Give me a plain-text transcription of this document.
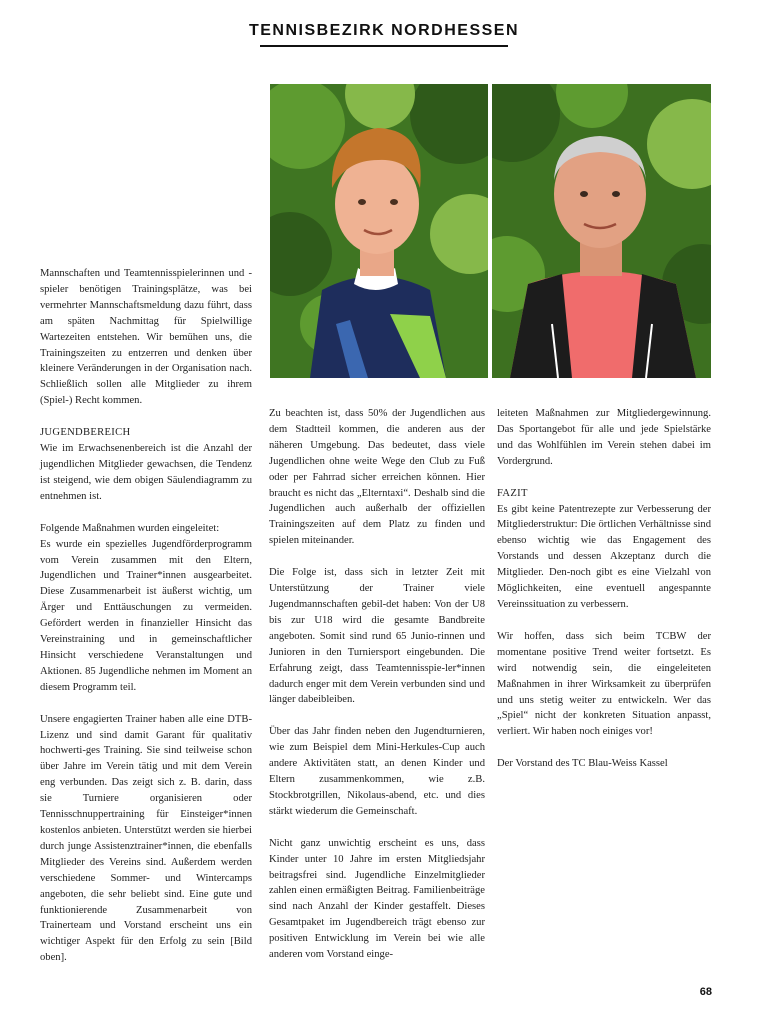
TENNISBEZIRK NORDHESSEN

Mannschaften und Teamtennisspielerinnen und -spieler benötigen Trainingsplätze, was bei vermehrter Mannschaftsmeldung dazu führt, dass am späten Nachmittag für Spielwillige Wartezeiten entstehen. Wir bemühen uns, die Trainingszeiten zu entzerren und denken über kleinere Veränderungen in der Organisation nach. Schließlich sollen alle Mitglieder zu ihrem (Spiel-) Recht kommen.

JUGENDBEREICH

Wie im Erwachsenenbereich ist die Anzahl der jugendlichen Mitglieder gewachsen, die Tendenz ist steigend, wie dem obigen Säulendiagramm zu entnehmen ist.

Folgende Maßnahmen wurden eingeleitet:
Es wurde ein spezielles Jugendförderprogramm vom Verein zusammen mit den Eltern, Jugendlichen und Trainer*innen ausgearbeitet. Diese Zusammenarbeit ist äußerst wichtig, um Ärger und Enttäuschungen zu vermeiden. Gefördert werden in finanzieller Hinsicht das Vereinstraining und in gemeinschaftlicher Hinsicht verschiedene Veranstaltungen und Aktionen. 85 Jugendliche nehmen im Moment an diesem Programm teil.

Unsere engagierten Trainer haben alle eine DTB-Lizenz und sind damit Garant für qualitativ hochwerti-ges Training. Sie sind teilweise schon über Jahre im Verein tätig und mit dem Verein eng verbunden. Das zeigt sich z. B. darin, dass sie Turniere organisieren oder Tennisschnuppertraining für Einsteiger*innen kostenlos anbieten. Unterstützt werden sie hierbei durch junge Assistenztrainer*innen, die ebenfalls Mitglieder des Vereins sind. Außerdem werden verschiedene Sommer- und Wintercamps angeboten, die sehr beliebt sind. Eine gute und funktionierende Zusammenarbeit von Trainerteam und Vorstand erscheint uns ein wichtiger Aspekt für den Erfolg zu sein [Bild oben].

Zu beachten ist, dass 50% der Jugendlichen aus dem Stadtteil kommen, die anderen aus der näheren Umgebung. Das bedeutet, dass viele Jugendlichen ohne weite Wege den Club zu Fuß oder per Fahrrad sicher erreichen können. Hier braucht es nicht das „Elterntaxi“. Deshalb sind die Jugendlichen auch außerhalb der offiziellen Trainingszeiten auf dem Platz zu finden und spielen miteinander.

Die Folge ist, dass sich in letzter Zeit mit Unterstützung der Trainer viele Jugendmannschaften gebil-det haben: Von der U8 bis zur U18 wird die gesamte Bandbreite angeboten. Somit sind rund 65 Junio-rinnen und Junioren in den Turniersport eingebunden. Die Erfahrung zeigt, dass Teamtennisspie-ler*innen dadurch enger mit dem Verein verbunden sind und länger dabeibleiben.

Über das Jahr finden neben den Jugendturnieren, wie zum Beispiel dem Mini-Herkules-Cup auch andere Aktivitäten statt, an denen Kinder und Eltern zusammenkommen, wie z.B. Stockbrotgrillen, Nikolaus-abend, etc. und dies stärkt wiederum die Gemeinschaft.

Nicht ganz unwichtig erscheint es uns, dass Kinder unter 10 Jahre im ersten Mitgliedsjahr beitragsfrei sind. Jugendliche Einzelmitglieder zahlen einen ermäßigten Beitrag. Familienbeiträge sind nach Anzahl der Kinder gestaffelt. Dieses Gesamtpaket im Jugendbereich trägt ebenso zur positiven Entwicklung im Verein bei wie alle anderen vom Vorstand einge-

leiteten Maßnahmen zur Mitgliedergewinnung. Das Sportangebot für alle und jede Spielstärke und das Wohlfühlen im Verein stehen dabei im Vordergrund.

FAZIT

Es gibt keine Patentrezepte zur Verbesserung der Mitgliederstruktur: Die örtlichen Verhältnisse sind ebenso wichtig wie das Engagement des Vorstands und dessen Akzeptanz durch die Mitglieder. Den-noch gibt es eine Vielzahl von Möglichkeiten, eine eventuell angespannte Vereinssituation zu verbessern.

Wir hoffen, dass sich beim TCBW der momentane positive Trend weiter fortsetzt. Es wird notwendig sein, die eingeleiteten Maßnahmen in ihrer Wirksamkeit zu überprüfen und uns stetig weiter zu entwickeln. Wer das „Spiel“ nicht der konkreten Situation anpasst, verliert. Wir haben noch einiges vor!

Der Vorstand des TC Blau-Weiss Kassel

68
